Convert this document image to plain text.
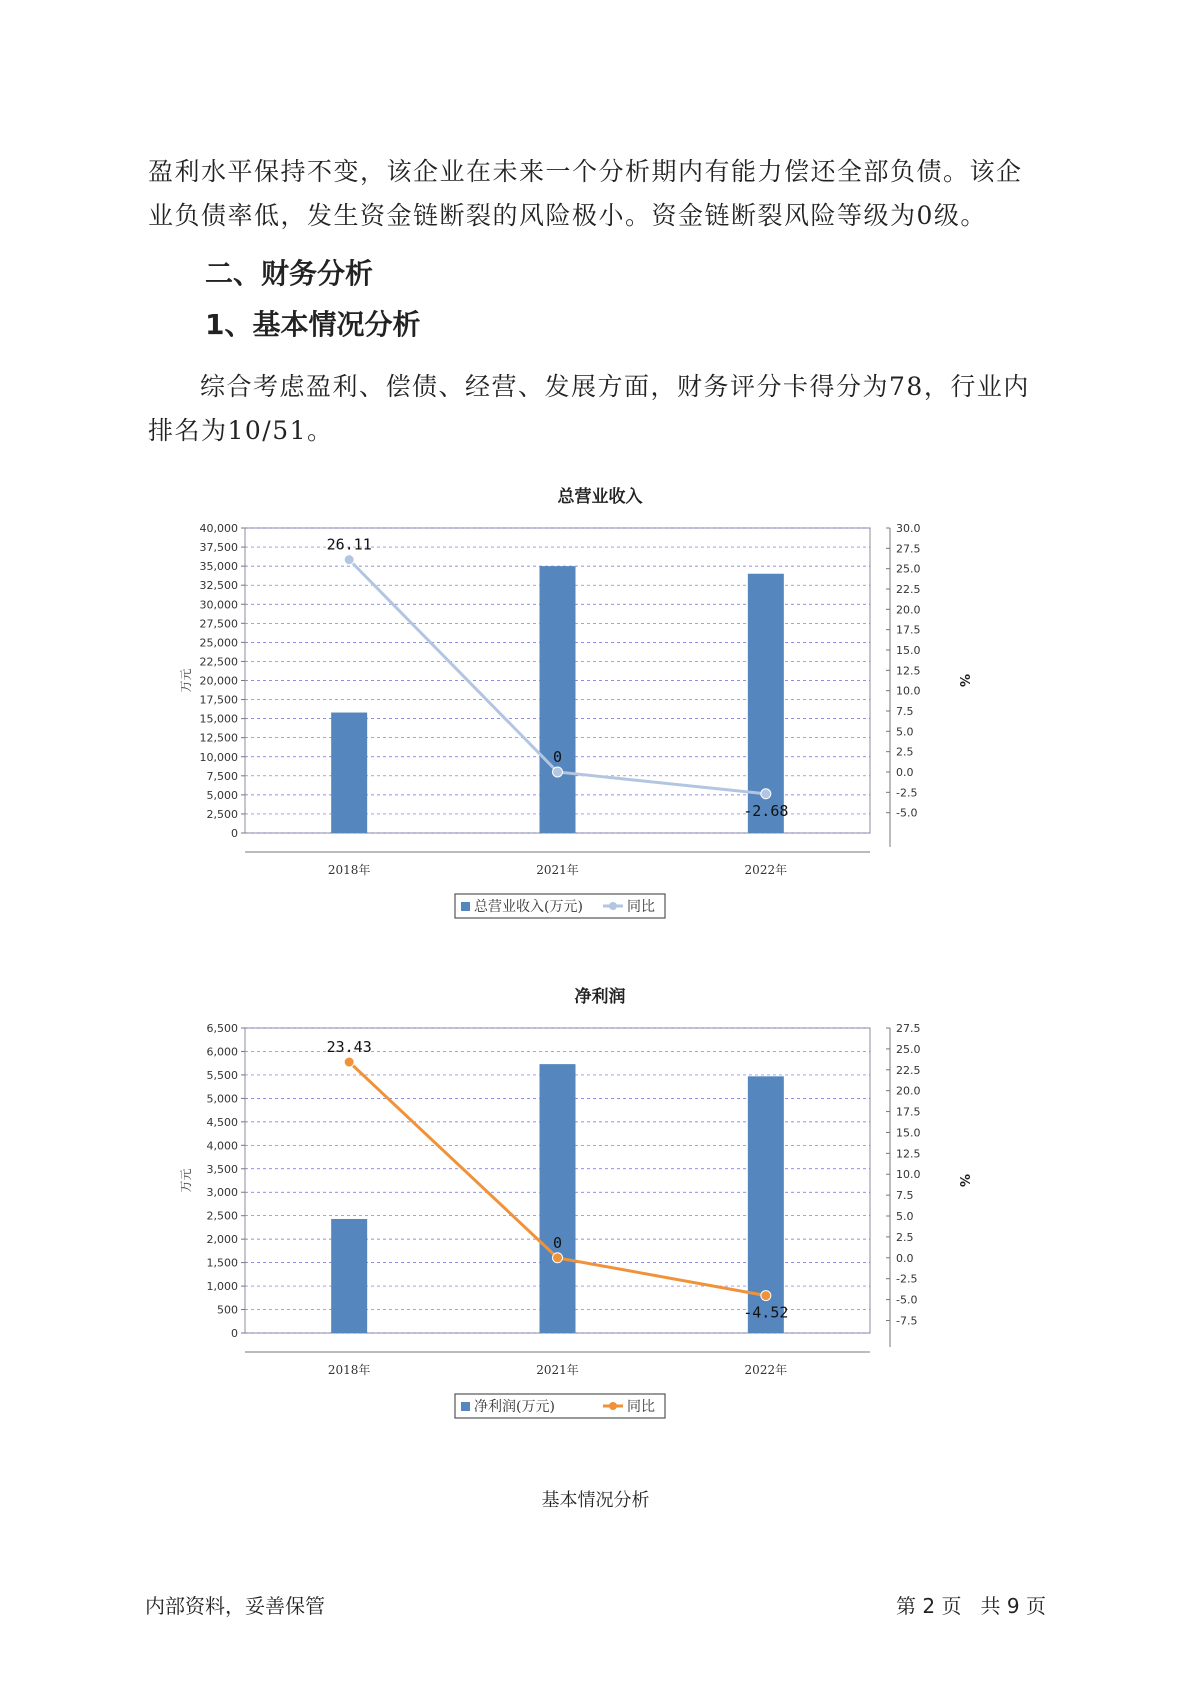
盈利水平保持不变，该企业在未来一个分析期内有能力偿还全部负债。该企业负债率低，发生资金链断裂的风险极小。资金链断裂风险等级为0级。

二、财务分析
1、基本情况分析

综合考虑盈利、偿债、经营、发展方面，财务评分卡得分为78，行业内排名为10/51。

总营业收入
0
2,500
5,000
7,500
10,000
12,500
15,000
17,500
20,000
22,500
25,000
27,500
30,000
32,500
35,000
37,500
40,000
-5.0
-2.5
0.0
2.5
5.0
7.5
10.0
12.5
15.0
17.5
20.0
22.5
25.0
27.5
30.0
万元	%
2018年	2021年	2022年
26.11
0
-2.68
总营业收入(万元)	同比
净利润
0
500
1,000
1,500
2,000
2,500
3,000
3,500
4,000
4,500
5,000
5,500
6,000
6,500
-7.5
-5.0
-2.5
0.0
2.5
5.0
7.5
10.0
12.5
15.0
17.5
20.0
22.5
25.0
27.5
万元	%
2018年	2021年	2022年
23.43
0
-4.52
净利润(万元)	同比
基本情况分析
内部资料，妥善保管	第 2 页   共 9 页
